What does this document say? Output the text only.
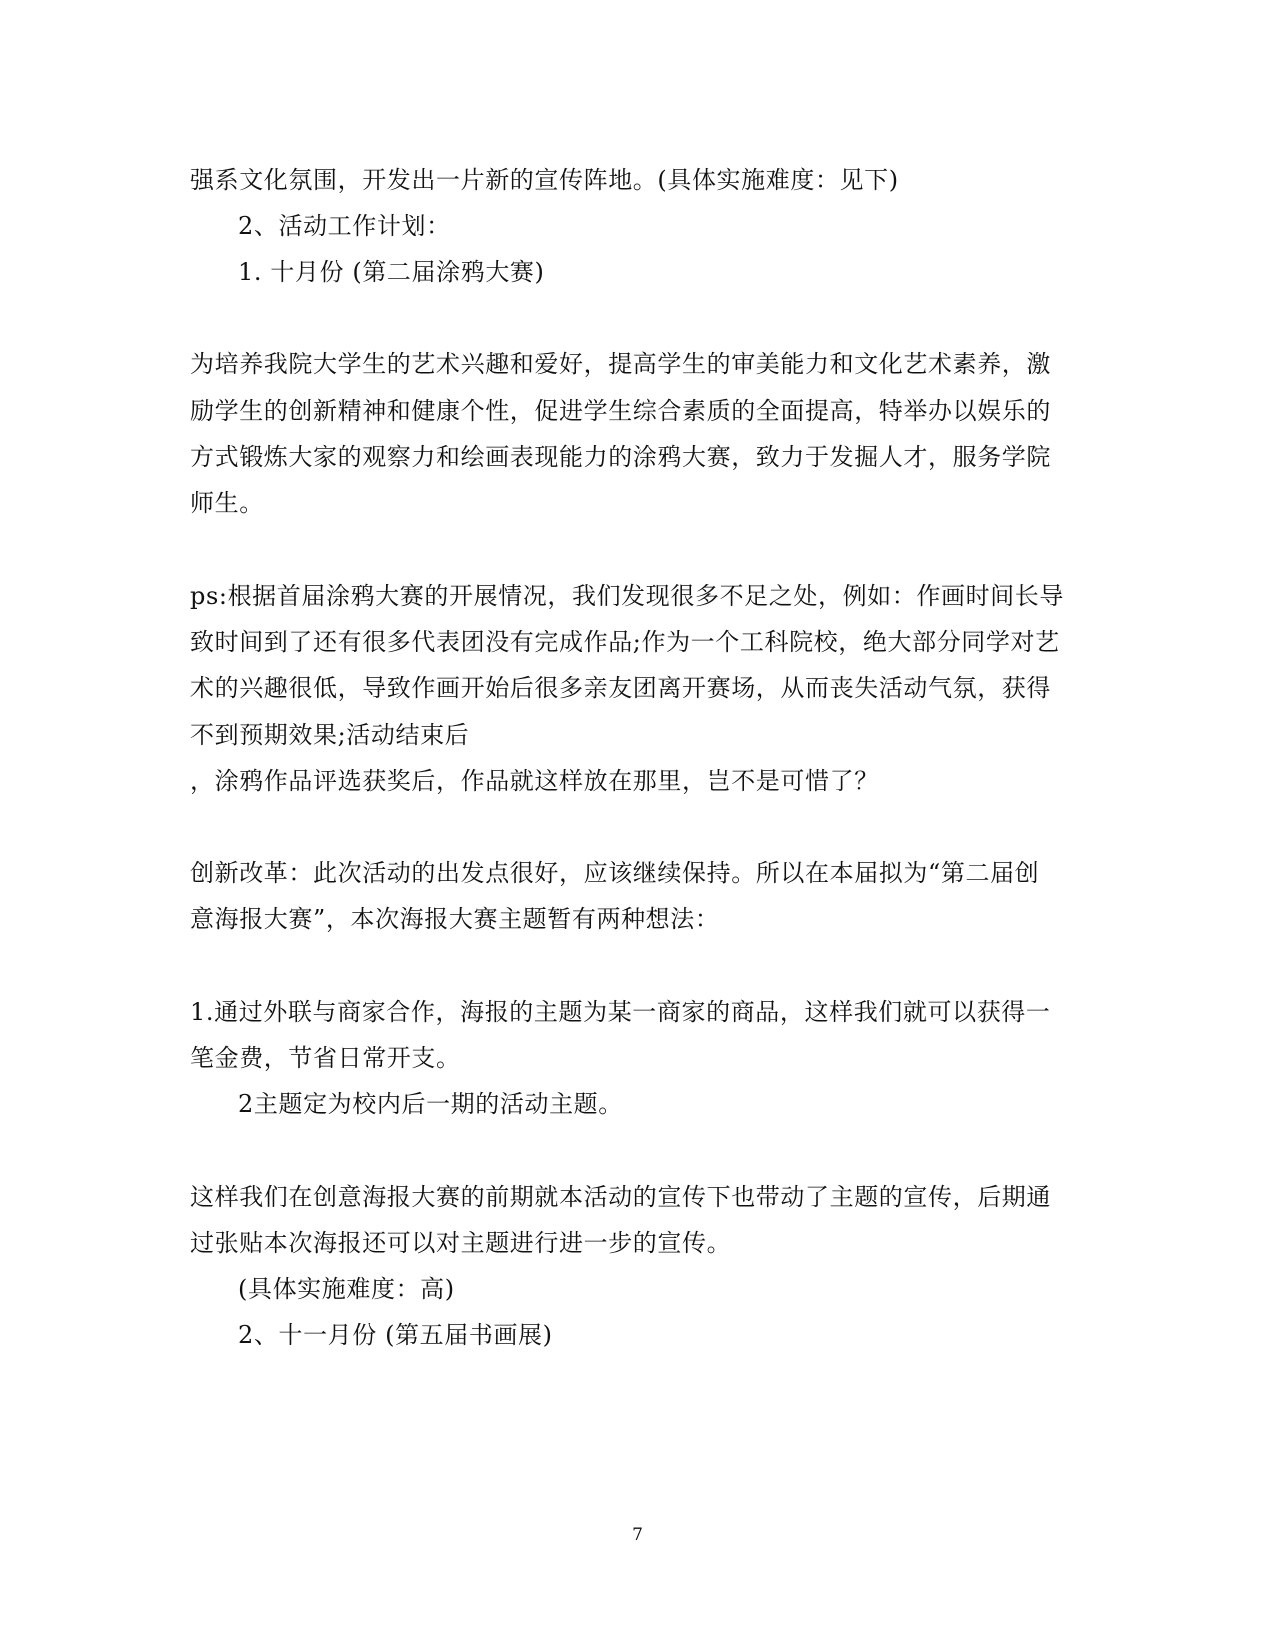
强系文化氛围，开发出一片新的宣传阵地。(具体实施难度：见下)
2、活动工作计划：
1. 十月份 (第二届涂鸦大赛)
为培养我院大学生的艺术兴趣和爱好，提高学生的审美能力和文化艺术素养，激
励学生的创新精神和健康个性，促进学生综合素质的全面提高，特举办以娱乐的
方式锻炼大家的观察力和绘画表现能力的涂鸦大赛，致力于发掘人才，服务学院
师生。
ps:根据首届涂鸦大赛的开展情况，我们发现很多不足之处，例如：作画时间长导
致时间到了还有很多代表团没有完成作品;作为一个工科院校，绝大部分同学对艺
术的兴趣很低，导致作画开始后很多亲友团离开赛场，从而丧失活动气氛，获得
不到预期效果;活动结束后
，涂鸦作品评选获奖后，作品就这样放在那里，岂不是可惜了？
创新改革：此次活动的出发点很好，应该继续保持。所以在本届拟为“第二届创
意海报大赛”，本次海报大赛主题暂有两种想法：
1.通过外联与商家合作，海报的主题为某一商家的商品，这样我们就可以获得一
笔金费，节省日常开支。
2主题定为校内后一期的活动主题。
这样我们在创意海报大赛的前期就本活动的宣传下也带动了主题的宣传，后期通
过张贴本次海报还可以对主题进行进一步的宣传。
(具体实施难度：高)
2、十一月份 (第五届书画展)
7
